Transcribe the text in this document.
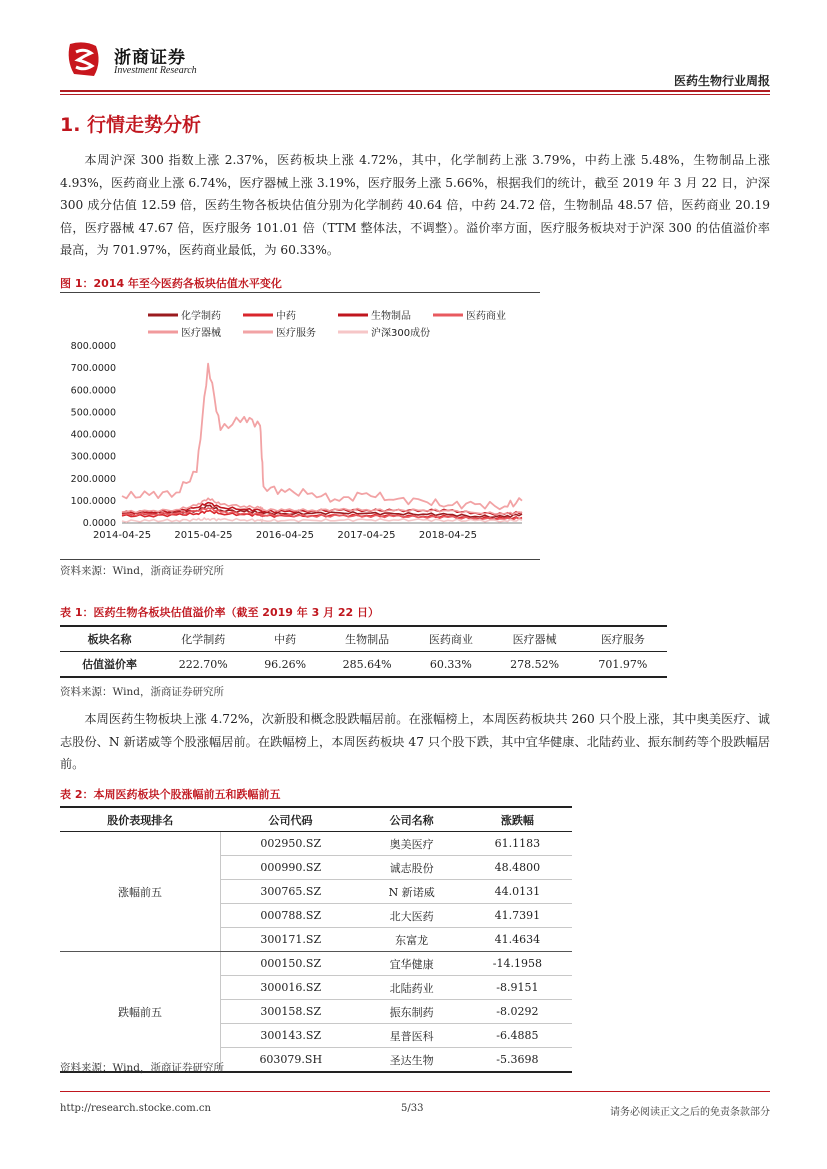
浙商证券
Investment Research
医药生物行业周报
1. 行情走势分析

本周沪深 300 指数上涨 2.37%，医药板块上涨 4.72%，其中，化学制药上涨 3.79%，中药上涨 5.48%，生物制品上涨 4.93%，医药商业上涨 6.74%，医疗器械上涨 3.19%，医疗服务上涨 5.66%，根据我们的统计，截至 2019 年 3 月 22 日，沪深 300 成分估值 12.59 倍，医药生物各板块估值分别为化学制药 40.64 倍，中药 24.72 倍，生物制品 48.57 倍，医药商业 20.19 倍，医疗器械 47.67 倍，医疗服务 101.01 倍（TTM 整体法，不调整）。溢价率方面，医疗服务板块对于沪深 300 的估值溢价率最高，为 701.97%，医药商业最低，为 60.33%。

图 1：2014 年至今医药各板块估值水平变化
化学制药	中药	生物制品	医药商业
医疗器械	医疗服务	沪深300成份
0.0000
100.0000
200.0000
300.0000
400.0000
500.0000
600.0000
700.0000
800.0000
2014-04-25 2015-04-25 2016-04-25 2017-04-25 2018-04-25
资料来源：Wind，浙商证券研究所
表 1：医药生物各板块估值溢价率（截至 2019 年 3 月 22 日）
板块名称	化学制药	中药	生物制品	医药商业	医疗器械	医疗服务
估值溢价率	222.70%	96.26%	285.64%	60.33%	278.52%	701.97%
资料来源：Wind，浙商证券研究所

本周医药生物板块上涨 4.72%，次新股和概念股跌幅居前。在涨幅榜上，本周医药板块共 260 只个股上涨，其中奥美医疗、诚志股份、N 新诺威等个股涨幅居前。在跌幅榜上，本周医药板块 47 只个股下跌，其中宜华健康、北陆药业、振东制药等个股跌幅居前。

表 2：本周医药板块个股涨幅前五和跌幅前五
股价表现排名	公司代码	公司名称	涨跌幅
涨幅前五	002950.SZ	奥美医疗	61.1183
	000990.SZ	诚志股份	48.4800
	300765.SZ	N 新诺威	44.0131
	000788.SZ	北大医药	41.7391
	300171.SZ	东富龙	41.4634
跌幅前五	000150.SZ	宜华健康	-14.1958
	300016.SZ	北陆药业	-8.9151
	300158.SZ	振东制药	-8.0292
	300143.SZ	星普医科	-6.4885
	603079.SH	圣达生物	-5.3698
资料来源：Wind，浙商证券研究所
http://research.stocke.com.cn	5/33	请务必阅读正文之后的免责条款部分
